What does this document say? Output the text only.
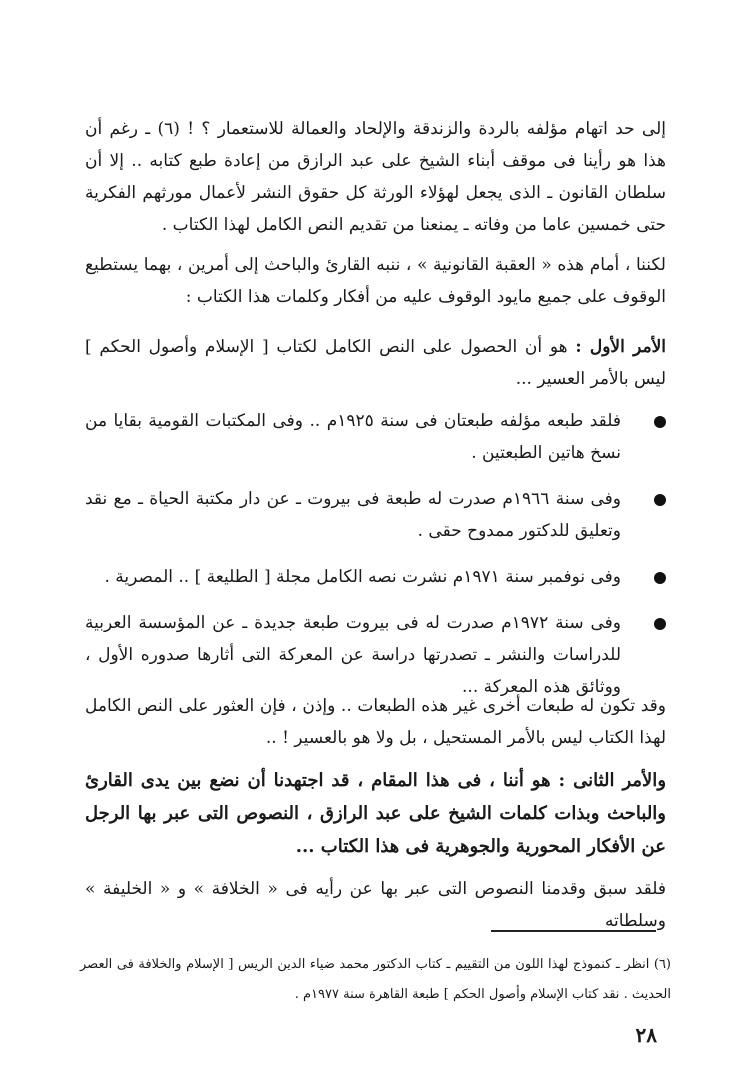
إلى حد اتهام مؤلفه بالردة والزندقة والإلحاد والعمالة للاستعمار ؟ ! (٦) ـ رغم أن هذا هو رأينا فى موقف أبناء الشيخ على عبد الرازق من إعادة طبع كتابه .. إلا أن سلطان القانون ـ الذى يجعل لهؤلاء الورثة كل حقوق النشر لأعمال مورثهم الفكرية حتى خمسين عاما من وفاته ـ يمنعنا من تقديم النص الكامل لهذا الكتاب .

لكننا ، أمام هذه « العقبة القانونية » ، ننبه القارئ والباحث إلى أمرين ، بهما يستطيع الوقوف على جميع مايود الوقوف عليه من أفكار وكلمات هذا الكتاب :

الأمر الأول : هو أن الحصول على النص الكامل لكتاب [ الإسلام وأصول الحكم ] ليس بالأمر العسير ...

فلقد طبعه مؤلفه طبعتان فى سنة ١٩٢٥م .. وفى المكتبات القومية بقايا من نسخ هاتين الطبعتين .
وفى سنة ١٩٦٦م صدرت له طبعة فى بيروت ـ عن دار مكتبة الحياة ـ مع نقد وتعليق للدكتور ممدوح حقى .
وفى نوفمبر سنة ١٩٧١م نشرت نصه الكامل مجلة [ الطليعة ] .. المصرية .
وفى سنة ١٩٧٢م صدرت له فى بيروت طبعة جديدة ـ عن المؤسسة العربية للدراسات والنشر ـ تصدرتها دراسة عن المعركة التى أثارها صدوره الأول ، ووثائق هذه المعركة ...

وقد تكون له طبعات أخرى غير هذه الطبعات .. وإذن ، فإن العثور على النص الكامل لهذا الكتاب ليس بالأمر المستحيل ، بل ولا هو بالعسير ! ..

والأمر الثانى : هو أننا ، فى هذا المقام ، قد اجتهدنا أن نضع بين يدى القارئ والباحث وبذات كلمات الشيخ على عبد الرازق ، النصوص التى عبر بها الرجل عن الأفكار المحورية والجوهرية فى هذا الكتاب ...

فلقد سبق وقدمنا النصوص التى عبر بها عن رأيه فى « الخلافة » و « الخليفة » وسلطاته

(٦) انظر ـ كنموذج لهذا اللون من التقييم ـ كتاب الدكتور محمد ضياء الدين الريس [ الإسلام والخلافة فى العصر الحديث . نقد كتاب الإسلام وأصول الحكم ] طبعة القاهرة سنة ١٩٧٧م .

٢٨
